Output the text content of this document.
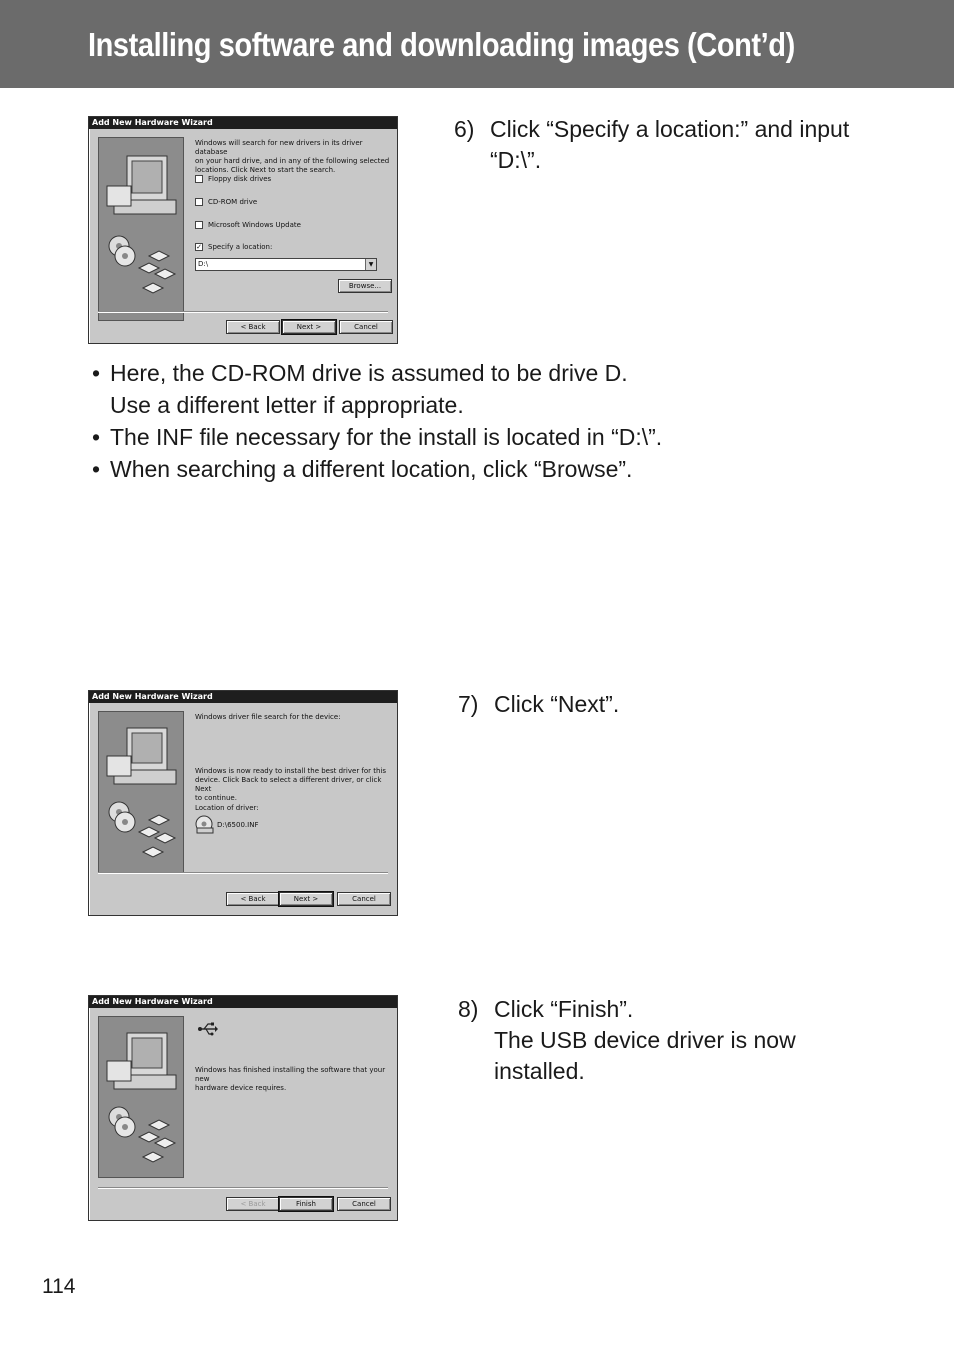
Installing software and downloading images (Cont’d)
Add New Hardware Wizard
Windows will search for new drivers in its driver database
on your hard drive, and in any of the following selected
locations. Click Next to start the search.
Floppy disk drives
CD-ROM drive
Microsoft Windows Update
✓ Specify a location:
D:\	▼
Browse...
< Back	Next >	Cancel
6) Click “Specify a location:” and input
“D:\”.
• Here, the CD-ROM drive is assumed to be drive D.
Use a different letter if appropriate.
• The INF file necessary for the install is located in “D:\”.
• When searching a different location, click “Browse”.
Add New Hardware Wizard
Windows driver file search for the device:
Windows is now ready to install the best driver for this
device. Click Back to select a different driver, or click Next
to continue.
Location of driver:
D:\6500.INF
< Back	Next >	Cancel
7) Click “Next”.
Add New Hardware Wizard
Windows has finished installing the software that your new
hardware device requires.
< Back	Finish	Cancel
8) Click “Finish”.
The USB device driver is now
installed.
114
